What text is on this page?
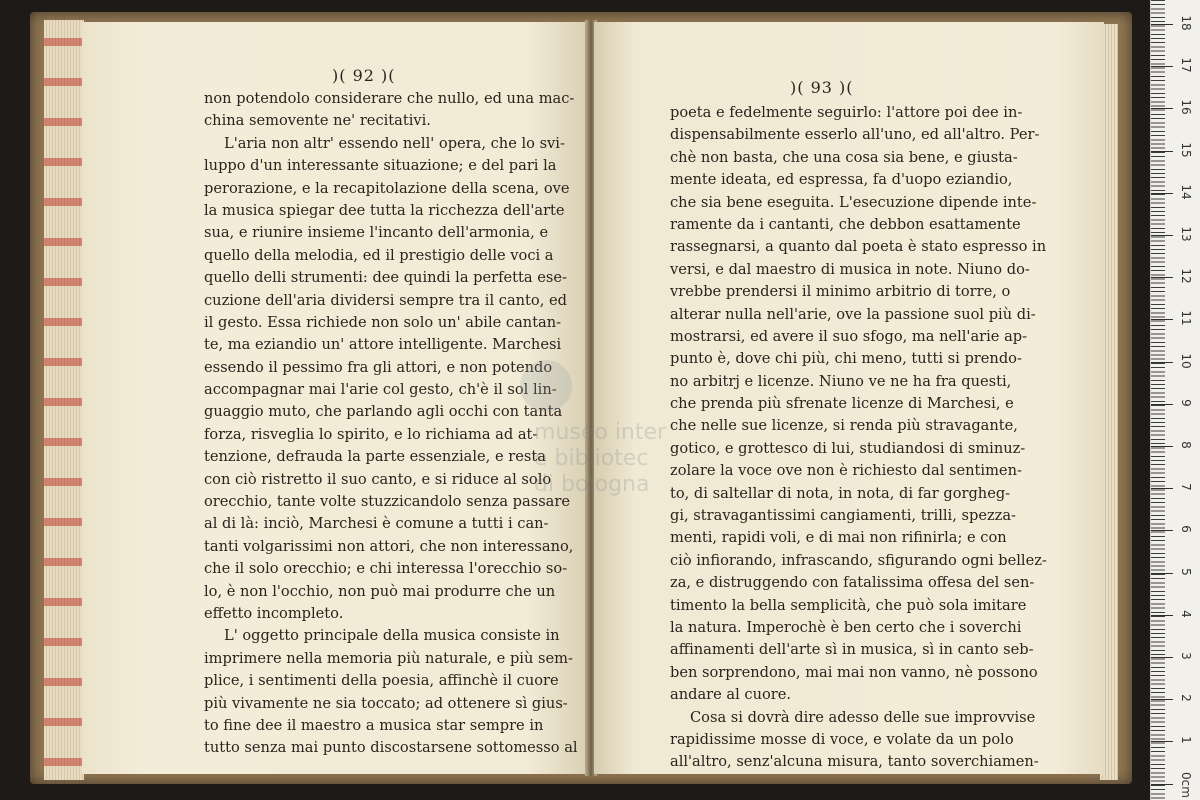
)( 92 )(
non potendolo considerare che nullo, ed una mac-
china semovente ne' recitativi.
L'aria non altr' essendo nell' opera, che lo svi-
luppo d'un interessante situazione; e del pari la
perorazione, e la recapitolazione della scena, ove
la musica spiegar dee tutta la ricchezza dell'arte
sua, e riunire insieme l'incanto dell'armonia, e
quello della melodia, ed il prestigio delle voci a
quello delli strumenti: dee quindi la perfetta ese-
cuzione dell'aria dividersi sempre tra il canto, ed
il gesto. Essa richiede non solo un' abile cantan-
te, ma eziandio un' attore intelligente. Marchesi
essendo il pessimo fra gli attori, e non potendo
accompagnar mai l'arie col gesto, ch'è il sol lin-
guaggio muto, che parlando agli occhi con tanta
forza, risveglia lo spirito, e lo richiama ad at-
tenzione, defrauda la parte essenziale, e resta
con ciò ristretto il suo canto, e si riduce al solo
orecchio, tante volte stuzzicandolo senza passare
al di là: inciò, Marchesi è comune a tutti i can-
tanti volgarissimi non attori, che non interessano,
che il solo orecchio; e chi interessa l'orecchio so-
lo, è non l'occhio, non può mai produrre che un
effetto incompleto.
L' oggetto principale della musica consiste in
imprimere nella memoria più naturale, e più sem-
plice, i sentimenti della poesia, affinchè il cuore
più vivamente ne sia toccato; ad ottenere sì gius-
to fine dee il maestro a musica star sempre in
tutto senza mai punto discostarsene sottomesso al
)( 93 )(
poeta e fedelmente seguirlo: l'attore poi dee in-
dispensabilmente esserlo all'uno, ed all'altro. Per-
chè non basta, che una cosa sia bene, e giusta-
mente ideata, ed espressa, fa d'uopo eziandio,
che sia bene eseguita. L'esecuzione dipende inte-
ramente da i cantanti, che debbon esattamente
rassegnarsi, a quanto dal poeta è stato espresso in
versi, e dal maestro di musica in note. Niuno do-
vrebbe prendersi il minimo arbitrio di torre, o
alterar nulla nell'arie, ove la passione suol più di-
mostrarsi, ed avere il suo sfogo, ma nell'arie ap-
punto è, dove chi più, chi meno, tutti si prendo-
no arbitrj e licenze. Niuno ve ne ha fra questi,
che prenda più sfrenate licenze di Marchesi, e
che nelle sue licenze, si renda più stravagante,
gotico, e grottesco di lui, studiandosi di sminuz-
zolare la voce ove non è richiesto dal sentimen-
to, di saltellar di nota, in nota, di far gorgheg-
gi, stravagantissimi cangiamenti, trilli, spezza-
menti, rapidi voli, e di mai non rifinirla; e con
ciò infiorando, infrascando, sfigurando ogni bellez-
za, e distruggendo con fatalissima offesa del sen-
timento la bella semplicità, che può sola imitare
la natura. Imperochè è ben certo che i soverchi
affinamenti dell'arte sì in musica, sì in canto seb-
ben sorprendono, mai mai non vanno, nè possono
andare al cuore.
Cosa si dovrà dire adesso delle sue improvvise
rapidissime mosse di voce, e volate da un polo
all'altro, senz'alcuna misura, tanto soverchiamen-
museo inter
e bibliotec
di bologna
18
17
16
15
14
13
12
11
10
9
8
7
6
5
4
3
2
1
0cm
